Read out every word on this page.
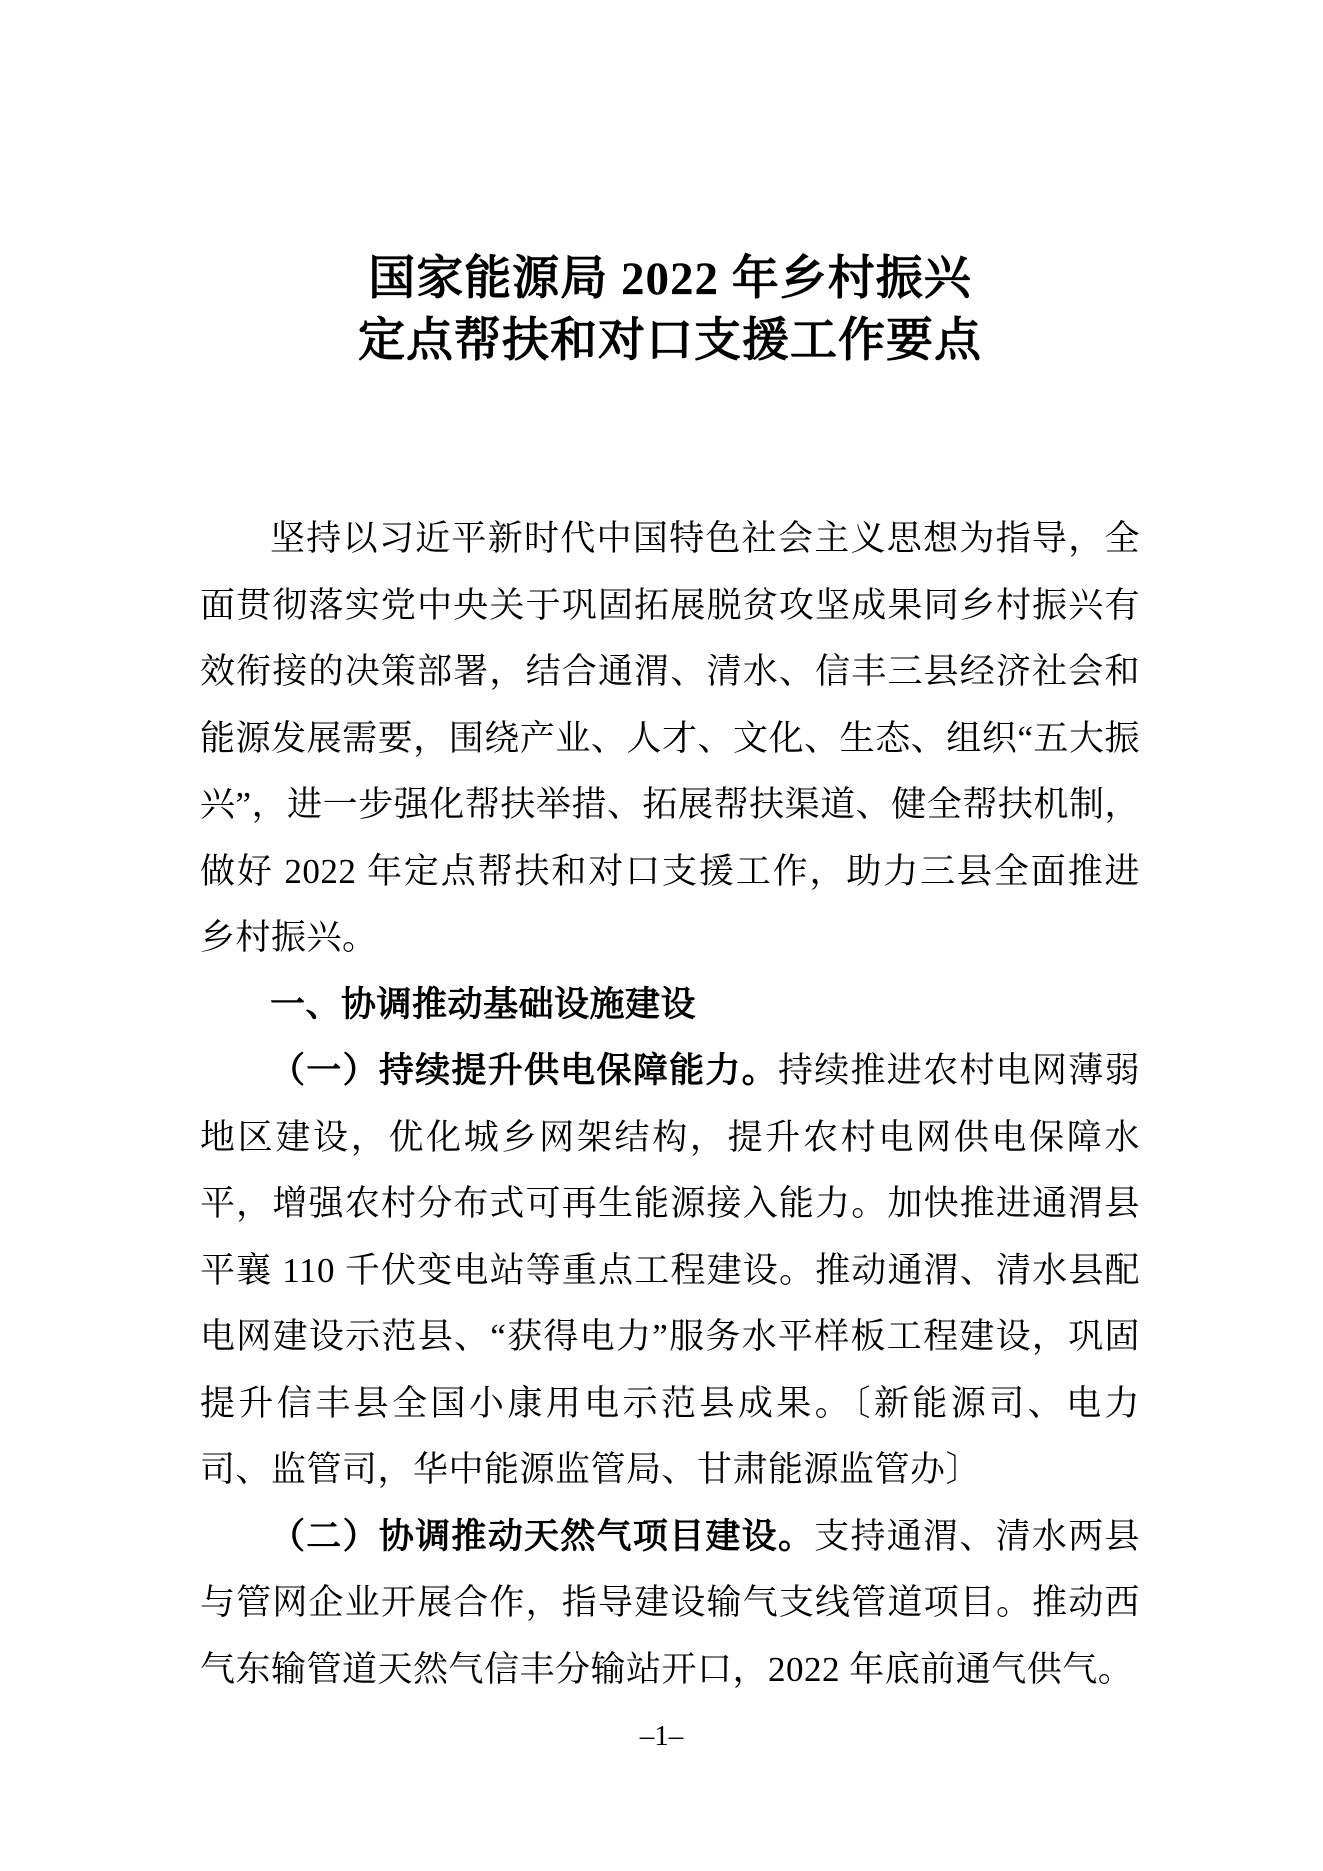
国家能源局 2022 年乡村振兴
定点帮扶和对口支援工作要点

坚持以习近平新时代中国特色社会主义思想为指导，全面贯彻落实党中央关于巩固拓展脱贫攻坚成果同乡村振兴有效衔接的决策部署，结合通渭、清水、信丰三县经济社会和能源发展需要，围绕产业、人才、文化、生态、组织“五大振兴”，进一步强化帮扶举措、拓展帮扶渠道、健全帮扶机制，做好 2022 年定点帮扶和对口支援工作，助力三县全面推进乡村振兴。

一、协调推动基础设施建设

（一）持续提升供电保障能力。持续推进农村电网薄弱地区建设，优化城乡网架结构，提升农村电网供电保障水平，增强农村分布式可再生能源接入能力。加快推进通渭县平襄 110 千伏变电站等重点工程建设。推动通渭、清水县配电网建设示范县、“获得电力”服务水平样板工程建设，巩固提升信丰县全国小康用电示范县成果。〔新能源司、电力司、监管司，华中能源监管局、甘肃能源监管办〕

（二）协调推动天然气项目建设。支持通渭、清水两县与管网企业开展合作，指导建设输气支线管道项目。推动西气东输管道天然气信丰分输站开口，2022 年底前通气供气。

–1–
